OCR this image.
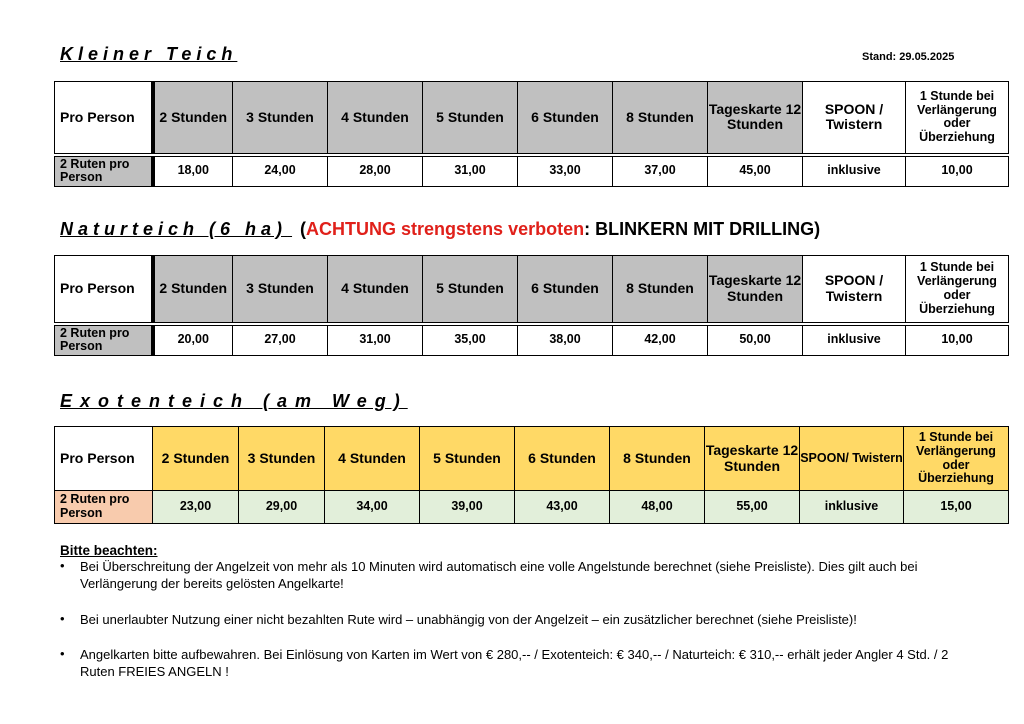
Kleiner Teich	Stand: 29.05.2025
Pro Person	2 Stunden	3 Stunden	4 Stunden	5 Stunden	6 Stunden	8 Stunden	Tageskarte 12 Stunden	SPOON / Twistern	1 Stunde bei Verlängerung oder Überziehung
2 Ruten pro Person	18,00	24,00	28,00	31,00	33,00	37,00	45,00	inklusive	10,00
Naturteich (6 ha) (ACHTUNG strengstens verboten: BLINKERN MIT DRILLING)
Pro Person	2 Stunden	3 Stunden	4 Stunden	5 Stunden	6 Stunden	8 Stunden	Tageskarte 12 Stunden	SPOON / Twistern	1 Stunde bei Verlängerung oder Überziehung
2 Ruten pro Person	20,00	27,00	31,00	35,00	38,00	42,00	50,00	inklusive	10,00
Exotenteich (am Weg)
Pro Person	2 Stunden	3 Stunden	4 Stunden	5 Stunden	6 Stunden	8 Stunden	Tageskarte 12 Stunden	SPOON/ Twistern	1 Stunde bei Verlängerung oder Überziehung
2 Ruten pro Person	23,00	29,00	34,00	39,00	43,00	48,00	55,00	inklusive	15,00
Bitte beachten:
• Bei Überschreitung der Angelzeit von mehr als 10 Minuten wird automatisch eine volle Angelstunde berechnet (siehe Preisliste). Dies gilt auch bei Verlängerung der bereits gelösten Angelkarte!
• Bei unerlaubter Nutzung einer nicht bezahlten Rute wird – unabhängig von der Angelzeit – ein zusätzlicher berechnet (siehe Preisliste)!
• Angelkarten bitte aufbewahren. Bei Einlösung von Karten im Wert von € 280,-- / Exotenteich: € 340,-- / Naturteich: € 310,-- erhält jeder Angler 4 Std. / 2 Ruten FREIES ANGELN !
